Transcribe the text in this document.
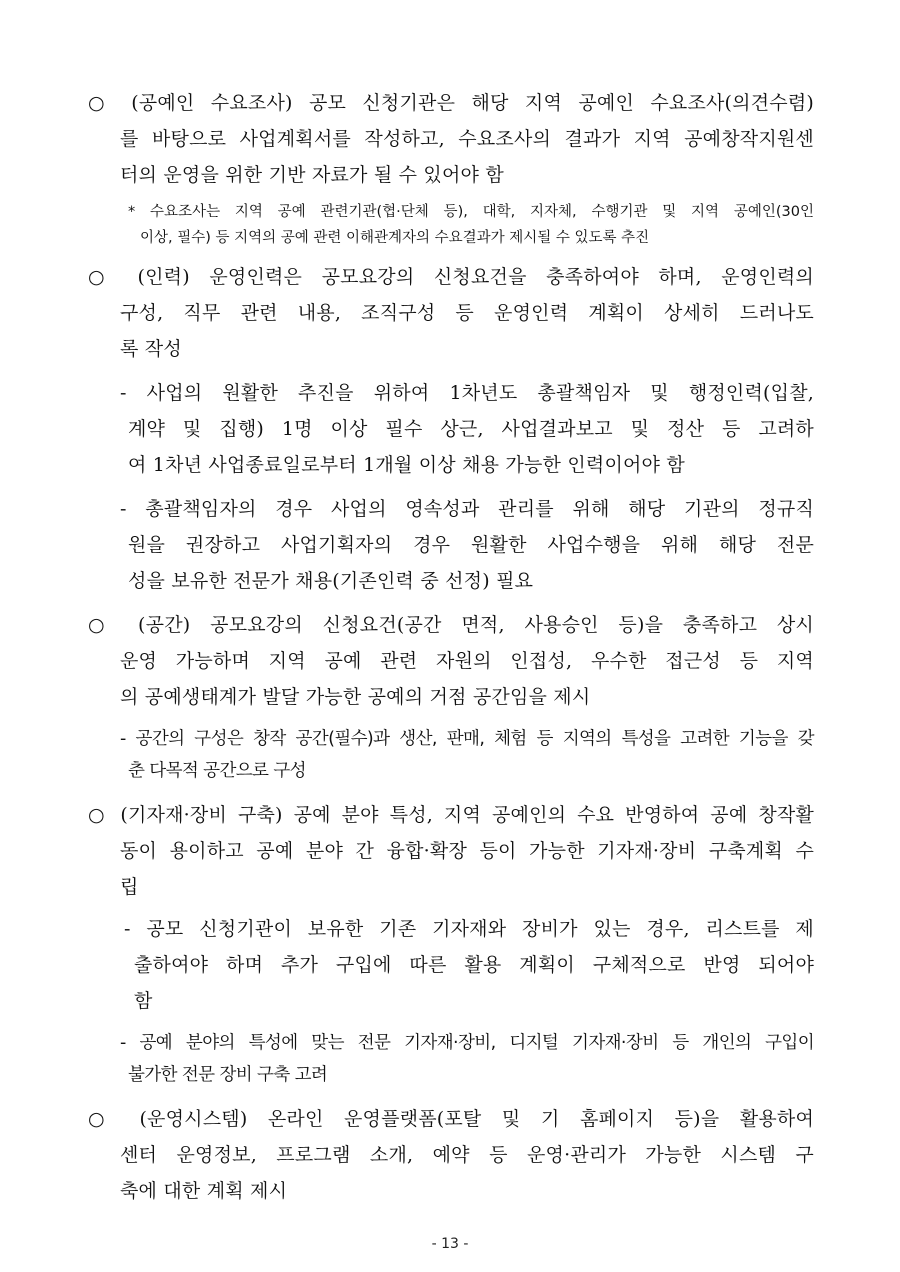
○ (공예인 수요조사) 공모 신청기관은 해당 지역 공예인 수요조사(의견수렴)
를 바탕으로 사업계획서를 작성하고, 수요조사의 결과가 지역 공예창작지원센
터의 운영을 위한 기반 자료가 될 수 있어야 함
* 수요조사는 지역 공예 관련기관(협·단체 등), 대학, 지자체, 수행기관 및 지역 공예인(30인
이상, 필수) 등 지역의 공예 관련 이해관계자의 수요결과가 제시될 수 있도록 추진
○ (인력) 운영인력은 공모요강의 신청요건을 충족하여야 하며, 운영인력의
구성, 직무 관련 내용, 조직구성 등 운영인력 계획이 상세히 드러나도
록 작성
- 사업의 원활한 추진을 위하여 1차년도 총괄책임자 및 행정인력(입찰,
계약 및 집행) 1명 이상 필수 상근, 사업결과보고 및 정산 등 고려하
여 1차년 사업종료일로부터 1개월 이상 채용 가능한 인력이어야 함
- 총괄책임자의 경우 사업의 영속성과 관리를 위해 해당 기관의 정규직
원을 권장하고 사업기획자의 경우 원활한 사업수행을 위해 해당 전문
성을 보유한 전문가 채용(기존인력 중 선정) 필요
○ (공간) 공모요강의 신청요건(공간 면적, 사용승인 등)을 충족하고 상시
운영 가능하며 지역 공예 관련 자원의 인접성, 우수한 접근성 등 지역
의 공예생태계가 발달 가능한 공예의 거점 공간임을 제시
- 공간의 구성은 창작 공간(필수)과 생산, 판매, 체험 등 지역의 특성을 고려한 기능을 갖
춘 다목적 공간으로 구성
○ (기자재·장비 구축) 공예 분야 특성, 지역 공예인의 수요 반영하여 공예 창작활
동이 용이하고 공예 분야 간 융합·확장 등이 가능한 기자재·장비 구축계획 수
립
- 공모 신청기관이 보유한 기존 기자재와 장비가 있는 경우, 리스트를 제
출하여야 하며 추가 구입에 따른 활용 계획이 구체적으로 반영 되어야
함
- 공예 분야의 특성에 맞는 전문 기자재·장비, 디지털 기자재·장비 등 개인의 구입이
불가한 전문 장비 구축 고려
○ (운영시스템) 온라인 운영플랫폼(포탈 및 기 홈페이지 등)을 활용하여
센터 운영정보, 프로그램 소개, 예약 등 운영·관리가 가능한 시스템 구
축에 대한 계획 제시
- 13 -
